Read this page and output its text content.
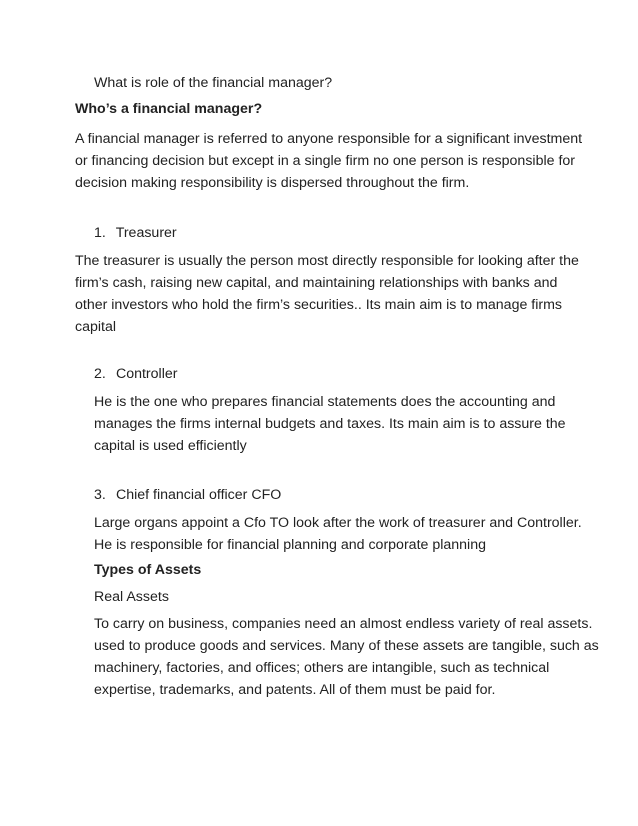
What is role of the financial manager?

Who’s a financial manager?

A financial manager is referred to anyone responsible for a significant investment
or financing decision but except in a single firm no one person is responsible for
decision making responsibility is dispersed throughout the firm.

1. Treasurer

The treasurer is usually the person most directly responsible for looking after the
firm’s cash, raising new capital, and maintaining relationships with banks and
other investors who hold the firm’s securities.. Its main aim is to manage firms
capital

2. Controller

He is the one who prepares financial statements does the accounting and
manages the firms internal budgets and taxes. Its main aim is to assure the
capital is used efficiently

3. Chief financial officer CFO

Large organs appoint a Cfo TO look after the work of treasurer and Controller.
He is responsible for financial planning and corporate planning

Types of Assets

Real Assets

To carry on business, companies need an almost endless variety of real assets.
used to produce goods and services. Many of these assets are tangible, such as
machinery, factories, and offices; others are intangible, such as technical
expertise, trademarks, and patents. All of them must be paid for.
